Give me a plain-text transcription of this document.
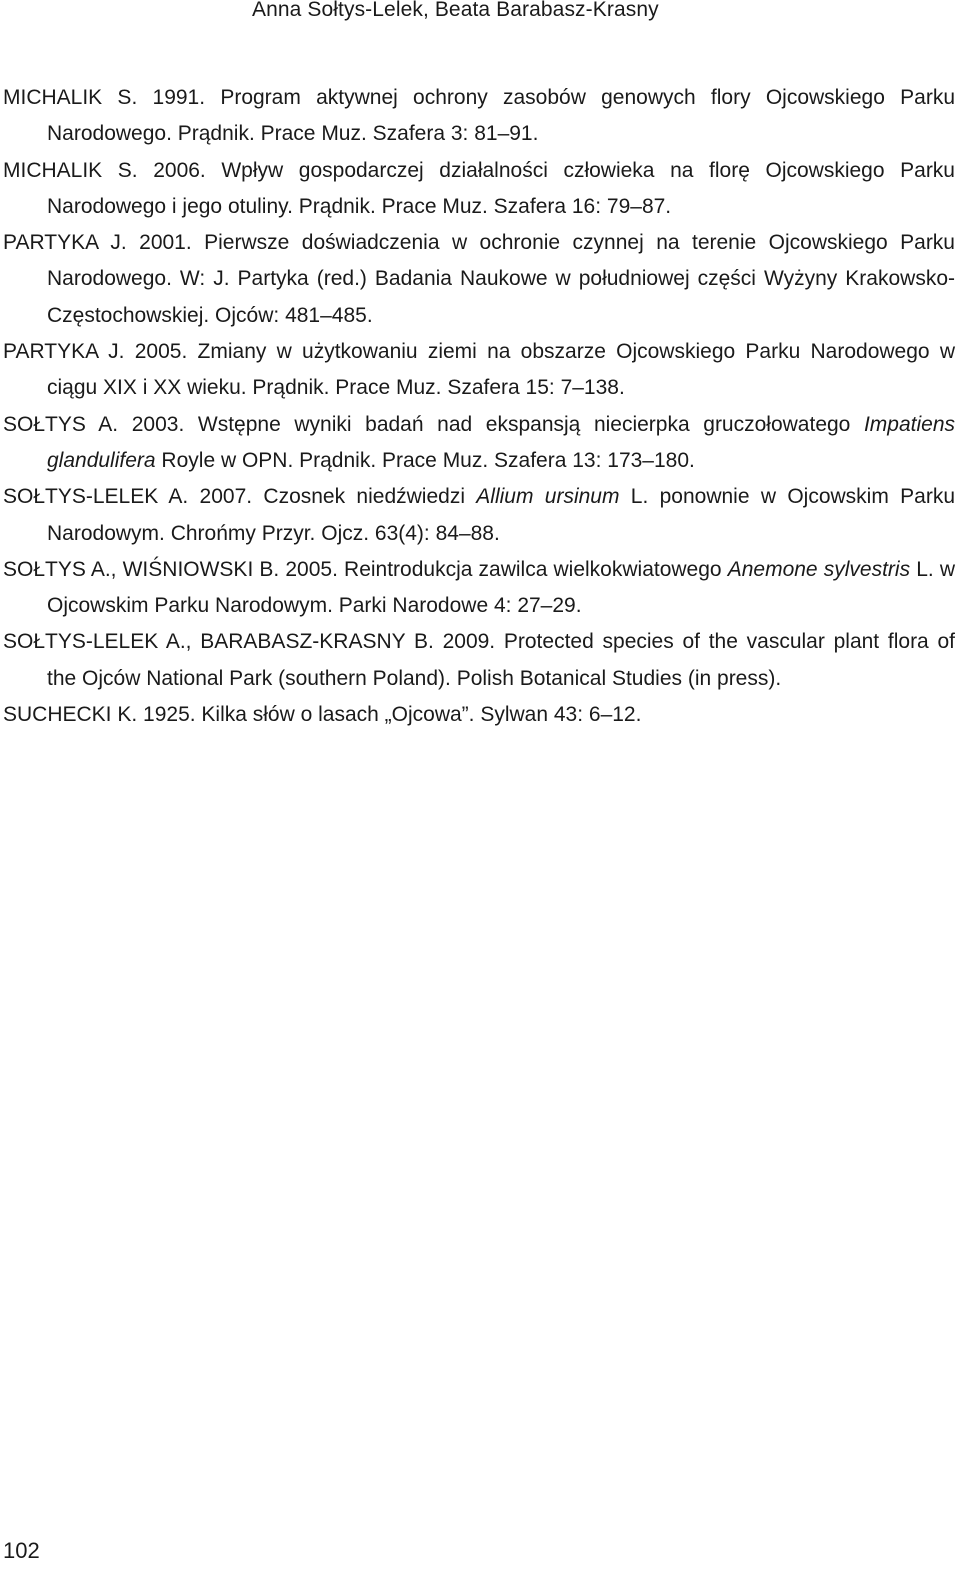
Anna Sołtys-Lelek, Beata Barabasz-Krasny
MICHALIK S. 1991. Program aktywnej ochrony zasobów genowych flory Ojcowskiego Parku Narodowego. Prądnik. Prace Muz. Szafera 3: 81–91.
MICHALIK S. 2006. Wpływ gospodarczej działalności człowieka na florę Ojcowskiego Parku Narodowego i jego otuliny. Prądnik. Prace Muz. Szafera 16: 79–87.
PARTYKA J. 2001. Pierwsze doświadczenia w ochronie czynnej na terenie Ojcowskiego Parku Narodowego. W: J. Partyka (red.) Badania Naukowe w południowej części Wyżyny Krakowsko-Częstochowskiej. Ojców: 481–485.
PARTYKA J. 2005. Zmiany w użytkowaniu ziemi na obszarze Ojcowskiego Parku Narodowego w ciągu XIX i XX wieku. Prądnik. Prace Muz. Szafera 15: 7–138.
SOŁTYS A. 2003. Wstępne wyniki badań nad ekspansją niecierpka gruczołowatego Impatiens glandulifera Royle w OPN. Prądnik. Prace Muz. Szafera 13: 173–180.
SOŁTYS-LELEK A. 2007. Czosnek niedźwiedzi Allium ursinum L. ponownie w Ojcowskim Parku Narodowym. Chrońmy Przyr. Ojcz. 63(4): 84–88.
SOŁTYS A., WIŚNIOWSKI B. 2005. Reintrodukcja zawilca wielkokwiatowego Anemone sylvestris L. w Ojcowskim Parku Narodowym. Parki Narodowe 4: 27–29.
SOŁTYS-LELEK A., BARABASZ-KRASNY B. 2009. Protected species of the vascular plant flora of the Ojców National Park (southern Poland). Polish Botanical Studies (in press).
SUCHECKI K. 1925. Kilka słów o lasach „Ojcowa”. Sylwan 43: 6–12.
102
